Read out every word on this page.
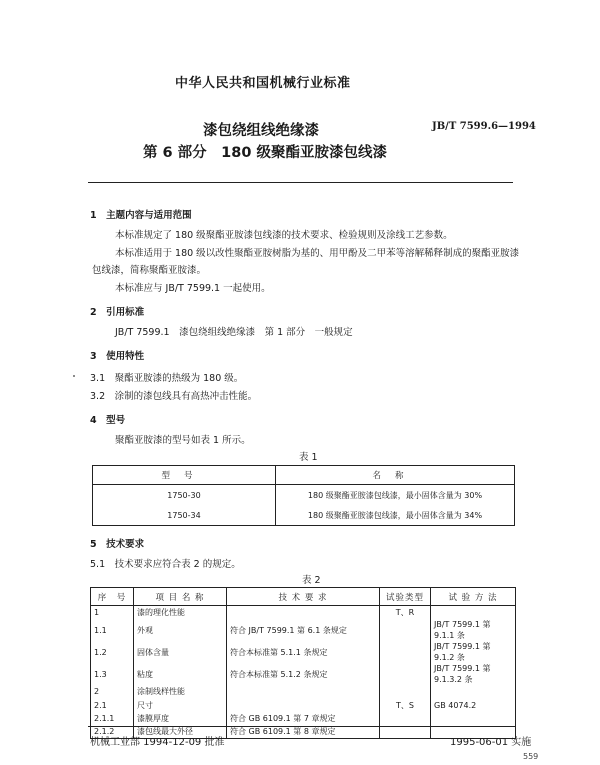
中华人民共和国机械行业标准
漆包绕组线绝缘漆
第 6 部分　180 级聚酯亚胺漆包线漆
JB/T 7599.6—1994
1　主题内容与适用范围
本标准规定了 180 级聚酯亚胺漆包线漆的技术要求、检验规则及涂线工艺参数。
本标准适用于 180 级以改性聚酯亚胺树脂为基的、用甲酚及二甲苯等溶解稀释制成的聚酯亚胺漆
包线漆，简称聚酯亚胺漆。
本标准应与 JB/T 7599.1 一起使用。
2　引用标准
JB/T 7599.1　漆包绕组线绝缘漆　第 1 部分　一般规定
3　使用特性
3.1　聚酯亚胺漆的热级为 180 级。
3.2　涂制的漆包线具有高热冲击性能。
4　型号
聚酯亚胺漆的型号如表 1 所示。
表 1
型号	名称
1750-30	180 级聚酯亚胺漆包线漆，最小固体含量为 30%
1750-34	180 级聚酯亚胺漆包线漆，最小固体含量为 34%
5　技术要求
5.1　技术要求应符合表 2 的规定。
表 2
序　号	项 目 名 称	技 术 要 求	试验类型	试 验 方 法
1	漆的理化性能		T、R	
1.1	外观	符合 JB/T 7599.1 第 6.1 条规定		JB/T 7599.1 第 9.1.1 条
1.2	固体含量	符合本标准第 5.1.1 条规定		JB/T 7599.1 第 9.1.2 条
1.3	粘度	符合本标准第 5.1.2 条规定		JB/T 7599.1 第 9.1.3.2 条
2	涂制线样性能			
2.1	尺寸		T、S	GB 4074.2
2.1.1	漆膜厚度	符合 GB 6109.1 第 7 章规定		
2.1.2	漆包线最大外径	符合 GB 6109.1 第 8 章规定		
机械工业部 1994-12-09 批准	1995-06-01 实施
559
